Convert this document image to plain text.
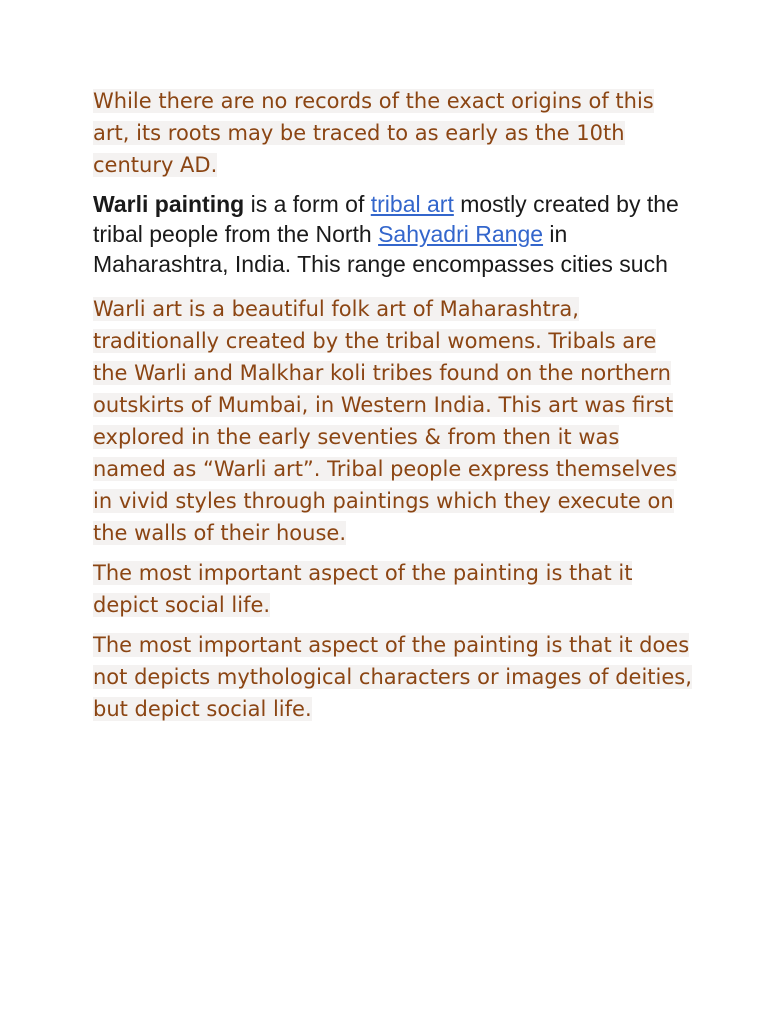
While there are no records of the exact origins of this art, its roots may be traced to as early as the 10th century AD.

Warli painting is a form of tribal art mostly created by the tribal people from the North Sahyadri Range in Maharashtra, India. This range encompasses cities such

Warli art is a beautiful folk art of Maharashtra, traditionally created by the tribal womens. Tribals are the Warli and Malkhar koli tribes found on the northern outskirts of Mumbai, in Western India. This art was first explored in the early seventies & from then it was named as “Warli art”. Tribal people express themselves in vivid styles through paintings which they execute on the walls of their house.

The most important aspect of the painting is that it depict social life.

The most important aspect of the painting is that it does not depicts mythological characters or images of deities, but depict social life.
